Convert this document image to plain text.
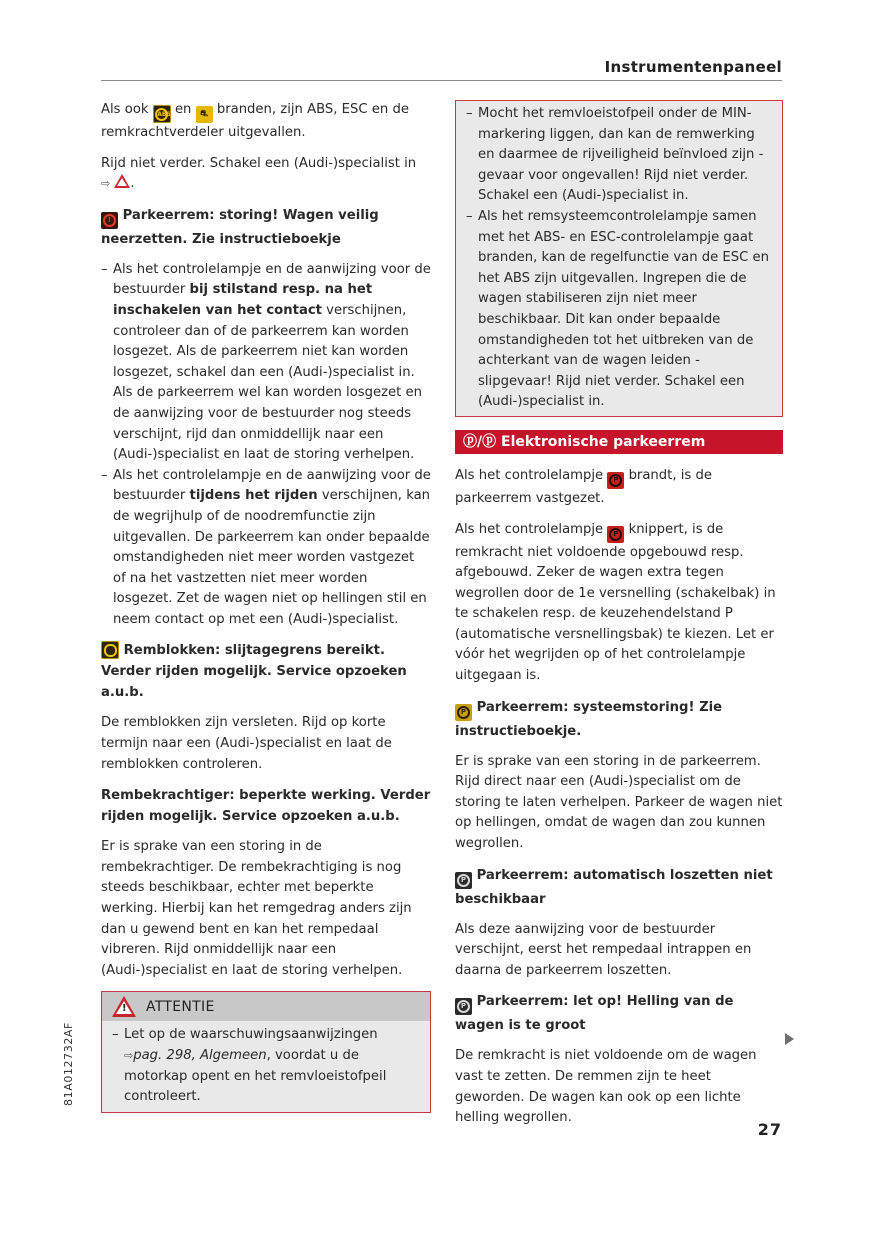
Instrumentenpaneel

Als ook ABS en ⛐ branden, zijn ABS, ESC en de remkrachtverdeler uitgevallen.

Rijd niet verder. Schakel een (Audi-)specialist in
⇨ .

! Parkeerrem: storing! Wagen veilig neerzetten. Zie instructieboekje
– Als het controlelampje en de aanwijzing voor de bestuurder bij stilstand resp. na het inschakelen van het contact verschijnen, controleer dan of de parkeerrem kan worden losgezet. Als de parkeerrem niet kan worden losgezet, schakel dan een (Audi-)specialist in. Als de parkeerrem wel kan worden losgezet en de aanwijzing voor de bestuurder nog steeds verschijnt, rijd dan onmiddellijk naar een (Audi-)specialist en laat de storing verhelpen.
– Als het controlelampje en de aanwijzing voor de bestuurder tijdens het rijden verschijnen, kan de wegrijhulp of de noodremfunctie zijn uitgevallen. De parkeerrem kan onder bepaalde omstandigheden niet meer worden vastgezet of na het vastzetten niet meer worden losgezet. Zet de wagen niet op hellingen stil en neem contact op met een (Audi-)specialist.
Remblokken: slijtagegrens bereikt. Verder rijden mogelijk. Service opzoeken a.u.b.

De remblokken zijn versleten. Rijd op korte termijn naar een (Audi-)specialist en laat de remblokken controleren.

Rembekrachtiger: beperkte werking. Verder rijden mogelijk. Service opzoeken a.u.b.

Er is sprake van een storing in de rembekrachtiger. De rembekrachtiging is nog steeds beschikbaar, echter met beperkte werking. Hierbij kan het remgedrag anders zijn dan u gewend bent en kan het rempedaal vibreren. Rijd onmiddellijk naar een (Audi-)specialist en laat de storing verhelpen.

! ATTENTIE
– Let op de waarschuwingsaanwijzingen
⇨pag. 298, Algemeen, voordat u de motorkap opent en het remvloeistofpeil controleert.
– Mocht het remvloeistofpeil onder de MIN-markering liggen, dan kan de remwerking en daarmee de rijveiligheid beïnvloed zijn - gevaar voor ongevallen! Rijd niet verder. Schakel een (Audi-)specialist in.
– Als het remsysteemcontrolelampje samen met het ABS- en ESC-controlelampje gaat branden, kan de regelfunctie van de ESC en het ABS zijn uitgevallen. Ingrepen die de wagen stabiliseren zijn niet meer beschikbaar. Dit kan onder bepaalde omstandigheden tot het uitbreken van de achterkant van de wagen leiden - slipgevaar! Rijd niet verder. Schakel een (Audi-)specialist in.
ⓟ/ⓟ Elektronische parkeerrem

Als het controlelampje P brandt, is de parkeerrem vastgezet.

Als het controlelampje P knippert, is de remkracht niet voldoende opgebouwd resp. afgebouwd. Zeker de wagen extra tegen wegrollen door de 1e versnelling (schakelbak) in te schakelen resp. de keuzehendelstand P (automatische versnellingsbak) te kiezen. Let er vóór het wegrijden op of het controlelampje uitgegaan is.

P Parkeerrem: systeemstoring! Zie instructieboekje.

Er is sprake van een storing in de parkeerrem. Rijd direct naar een (Audi-)specialist om de storing te laten verhelpen. Parkeer de wagen niet op hellingen, omdat de wagen dan zou kunnen wegrollen.

P Parkeerrem: automatisch loszetten niet beschikbaar

Als deze aanwijzing voor de bestuurder verschijnt, eerst het rempedaal intrappen en daarna de parkeerrem loszetten.

P Parkeerrem: let op! Helling van de wagen is te groot

De remkracht is niet voldoende om de wagen vast te zetten. De remmen zijn te heet geworden. De wagen kan ook op een lichte helling wegrollen.

27
81A012732AF
